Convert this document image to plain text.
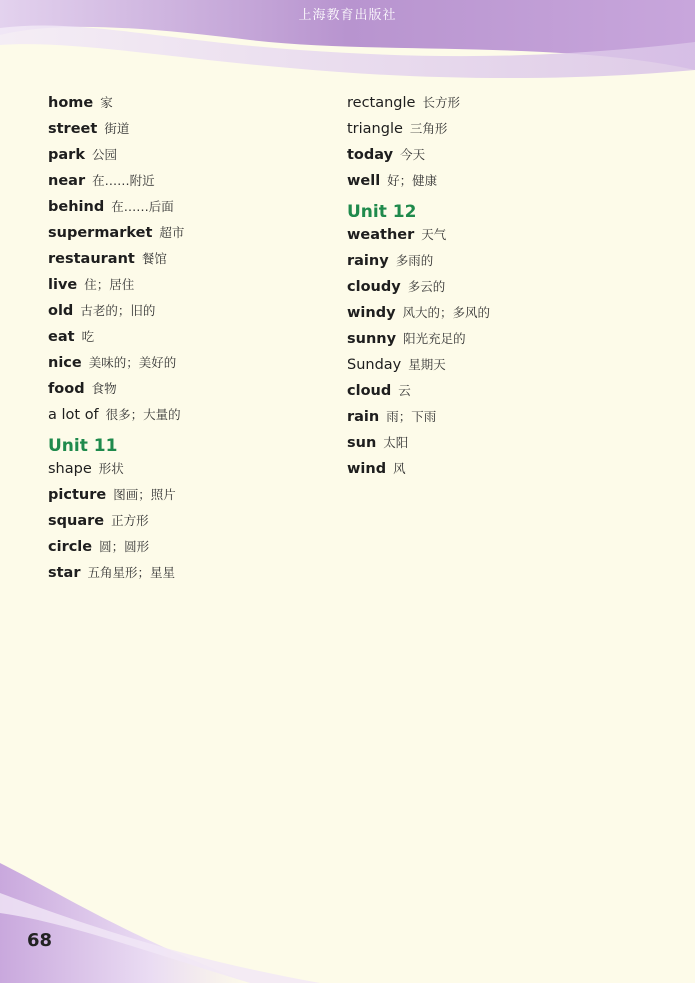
上海教育出版社
home 家
street 街道
park 公园
near 在……附近
behind 在……后面
supermarket 超市
restaurant 餐馆
live 住；居住
old 古老的；旧的
eat 吃
nice 美味的；美好的
food 食物
a lot of 很多；大量的
Unit 11
shape 形状
picture 图画；照片
square 正方形
circle 圆；圆形
star 五角星形；星星
rectangle 长方形
triangle 三角形
today 今天
well 好；健康
Unit 12
weather 天气
rainy 多雨的
cloudy 多云的
windy 风大的；多风的
sunny 阳光充足的
Sunday 星期天
cloud 云
rain 雨；下雨
sun 太阳
wind 风
68
